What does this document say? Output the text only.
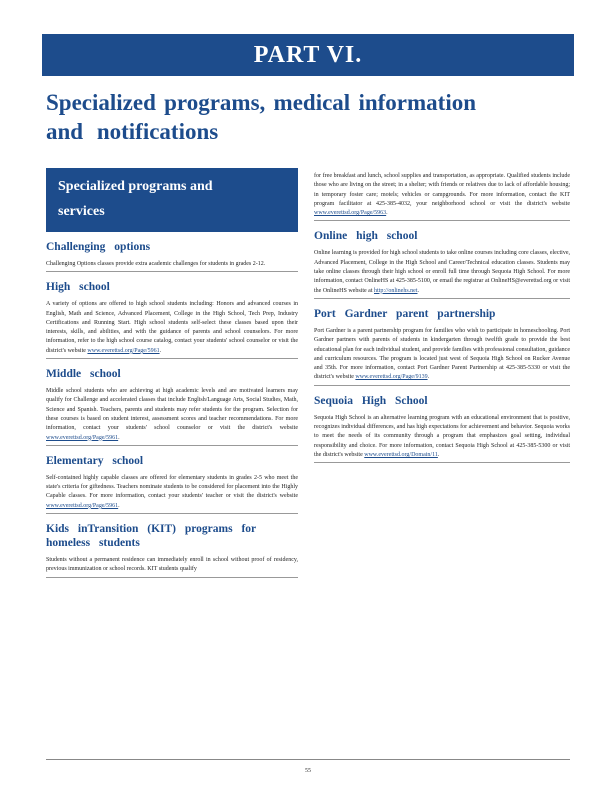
PART VI.
Specialized programs, medical information
and notifications
Specialized programs and
services
Challenging options

Challenging Options classes provide extra academic challenges for students in grades 2-12.

High school

A variety of options are offered to high school students including: Honors and advanced courses in English, Math and Science, Advanced Placement, College in the High School, Tech Prep, Industry Certifications and Running Start. High school students self-select these classes based upon their interests, skills, and abilities, and with the guidance of parents and school counselors. For more information, refer to the high school course catalog, contact your students' school counselor or visit the district's website www.everettsd.org/Page/5961.

Middle school

Middle school students who are achieving at high academic levels and are motivated learners may qualify for Challenge and accelerated classes that include English/Language Arts, Social Studies, Math, Science and Spanish. Teachers, parents and students may refer students for the program. Selection for these courses is based on student interest, assessment scores and teacher recommendations. For more information, contact your students' school counselor or visit the district's website www.everettsd.org/Page/5961.

Elementary school

Self-contained highly capable classes are offered for elementary students in grades 2-5 who meet the state's criteria for giftedness. Teachers nominate students to be considered for placement into the Highly Capable classes. For more information, contact your students' teacher or visit the district's website www.everettsd.org/Page/5961.

Kids inTransition (KIT) programs for homeless students

Students without a permanent residence can immediately enroll in school without proof of residency, previous immunization or school records. KIT students qualify

for free breakfast and lunch, school supplies and transportation, as appropriate. Qualified students include those who are living on the street; in a shelter; with friends or relatives due to lack of affordable housing; in temporary foster care; motels; vehicles or campgrounds. For more information, contact the KIT program facilitator at 425-385-4032, your neighborhood school or visit the district's website www.everettsd.org/Page/5963.

Online high school

Online learning is provided for high school students to take online courses including core classes, elective, Advanced Placement, College in the High School and Career/Technical education classes. Students may take online classes through their high school or enroll full time through Sequoia High School. For more information, contact OnlineHS at 425-385-5100, or email the registrar at OnlineHS@everettsd.org or visit the OnlineHS website at http://onlinehs.net.

Port Gardner parent partnership

Port Gardner is a parent partnership program for families who wish to participate in homeschooling. Port Gardner partners with parents of students in kindergarten through twelfth grade to provide the best educational plan for each individual student, and provide families with professional consultation, guidance and curriculum resources. The program is located just west of Sequoia High School on Rucker Avenue and 35th. For more information, contact Port Gardner Parent Partnership at 425-385-5330 or visit the district's website www.everettsd.org/Page/9139.

Sequoia High School

Sequoia High School is an alternative learning program with an educational environment that is positive, recognizes individual differences, and has high expectations for achievement and behavior. Sequoia works to meet the needs of its community through a program that emphasizes goal setting, individual responsibility and choice. For more information, contact Sequoia High School at 425-385-5300 or visit the district's website www.everettsd.org/Domain/11.

55
